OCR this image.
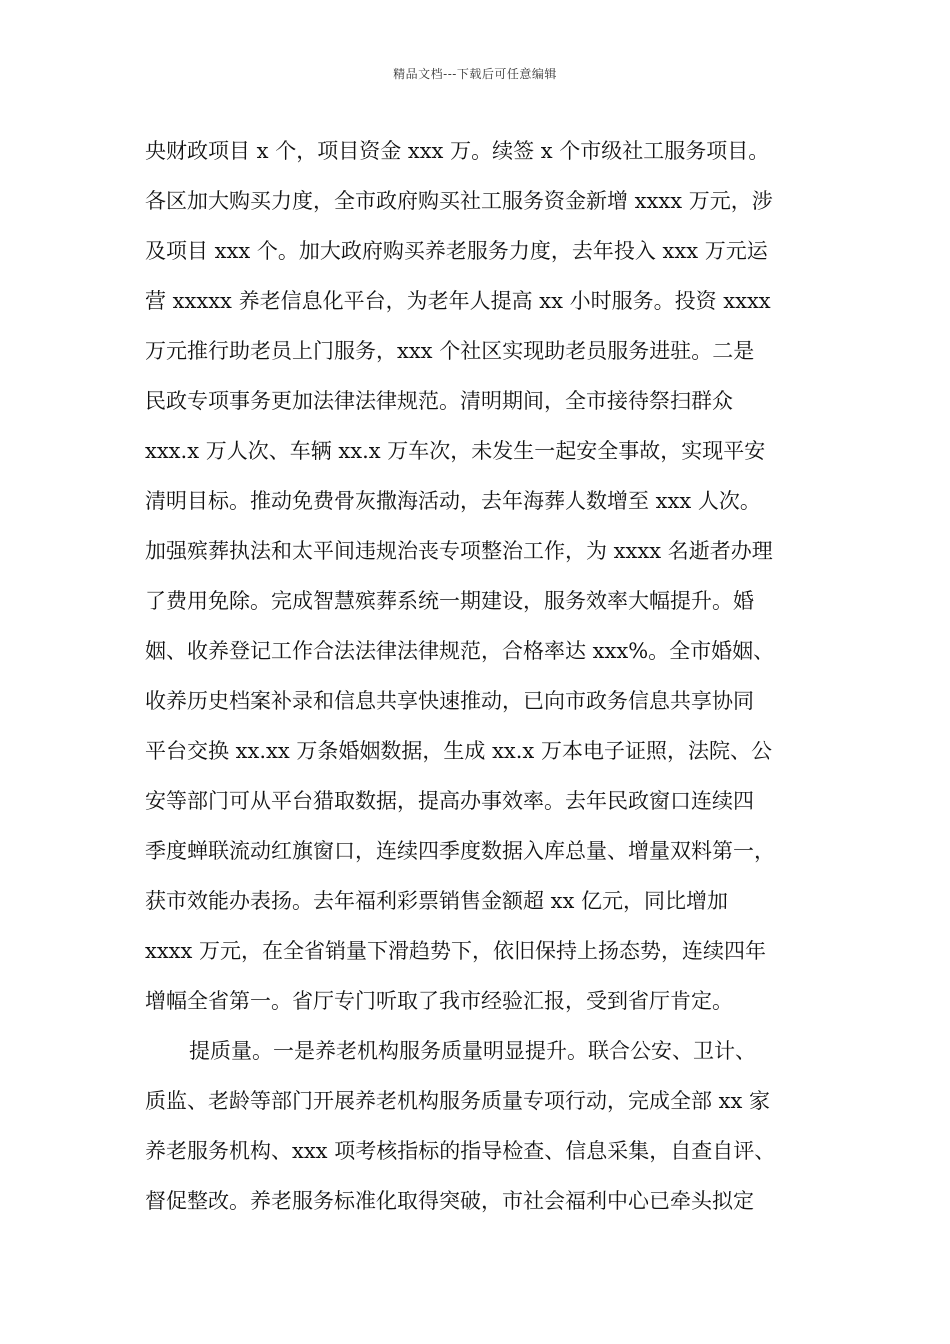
精品文档---下载后可任意编辑
央财政项目 x 个，项目资金 xxx 万。续签 x 个市级社工服务项目。
各区加大购买力度，全市政府购买社工服务资金新增 xxxx 万元，涉
及项目 xxx 个。加大政府购买养老服务力度，去年投入 xxx 万元运
营 xxxxx 养老信息化平台，为老年人提高 xx 小时服务。投资 xxxx
万元推行助老员上门服务，xxx 个社区实现助老员服务进驻。二是
民政专项事务更加法律法律规范。清明期间，全市接待祭扫群众
xxx.x 万人次、车辆 xx.x 万车次，未发生一起安全事故，实现平安
清明目标。推动免费骨灰撒海活动，去年海葬人数增至 xxx 人次。
加强殡葬执法和太平间违规治丧专项整治工作，为 xxxx 名逝者办理
了费用免除。完成智慧殡葬系统一期建设，服务效率大幅提升。婚
姻、收养登记工作合法法律法律规范，合格率达 xxx%。全市婚姻、
收养历史档案补录和信息共享快速推动，已向市政务信息共享协同
平台交换 xx.xx 万条婚姻数据，生成 xx.x 万本电子证照，法院、公
安等部门可从平台猎取数据，提高办事效率。去年民政窗口连续四
季度蝉联流动红旗窗口，连续四季度数据入库总量、增量双料第一，
获市效能办表扬。去年福利彩票销售金额超 xx 亿元，同比增加
xxxx 万元，在全省销量下滑趋势下，依旧保持上扬态势，连续四年
增幅全省第一。省厅专门听取了我市经验汇报，受到省厅肯定。
提质量。一是养老机构服务质量明显提升。联合公安、卫计、
质监、老龄等部门开展养老机构服务质量专项行动，完成全部 xx 家
养老服务机构、xxx 项考核指标的指导检查、信息采集，自查自评、
督促整改。养老服务标准化取得突破，市社会福利中心已牵头拟定
